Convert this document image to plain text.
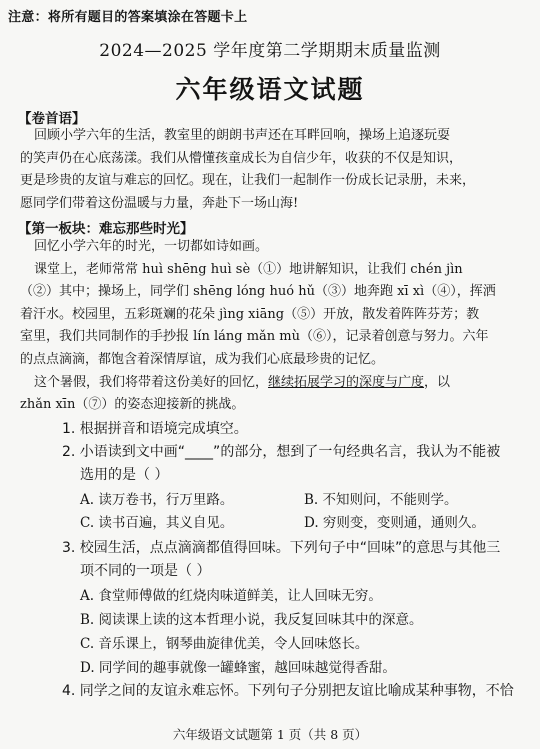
注意：将所有题目的答案填涂在答题卡上
2024—2025 学年度第二学期期末质量监测
六年级语文试题
【卷首语】
回顾小学六年的生活，教室里的朗朗书声还在耳畔回响，操场上追逐玩耍
的笑声仍在心底荡漾。我们从懵懂孩童成长为自信少年，收获的不仅是知识，
更是珍贵的友谊与难忘的回忆。现在，让我们一起制作一份成长记录册，未来，
愿同学们带着这份温暖与力量，奔赴下一场山海!
【第一板块：难忘那些时光】
回忆小学六年的时光，一切都如诗如画。
课堂上，老师常常 huì shēng huì sè（①）地讲解知识，让我们 chén jìn
（②）其中；操场上，同学们 shēng lóng huó hǔ（③）地奔跑 xī xì（④），挥洒
着汗水。校园里，五彩斑斓的花朵 jìng xiāng（⑤）开放，散发着阵阵芬芳；教
室里，我们共同制作的手抄报 lín láng mǎn mù（⑥），记录着创意与努力。六年
的点点滴滴，都饱含着深情厚谊，成为我们心底最珍贵的记忆。
这个暑假，我们将带着这份美好的回忆，继续拓展学习的深度与广度，以
zhǎn xīn（⑦）的姿态迎接新的挑战。
1. 根据拼音和语境完成填空。
2. 小语读到文中画“____”的部分，想到了一句经典名言，我认为不能被
选用的是（ ）
A. 读万卷书，行万里路。	B. 不知则问，不能则学。
C. 读书百遍，其义自见。	D. 穷则变，变则通，通则久。
3. 校园生活，点点滴滴都值得回味。下列句子中“回味”的意思与其他三
项不同的一项是（ ）
A. 食堂师傅做的红烧肉味道鲜美，让人回味无穷。
B. 阅读课上读的这本哲理小说，我反复回味其中的深意。
C. 音乐课上，钢琴曲旋律优美，令人回味悠长。
D. 同学间的趣事就像一罐蜂蜜，越回味越觉得香甜。
4. 同学之间的友谊永难忘怀。下列句子分别把友谊比喻成某种事物，不恰
六年级语文试题第 1 页（共 8 页）
